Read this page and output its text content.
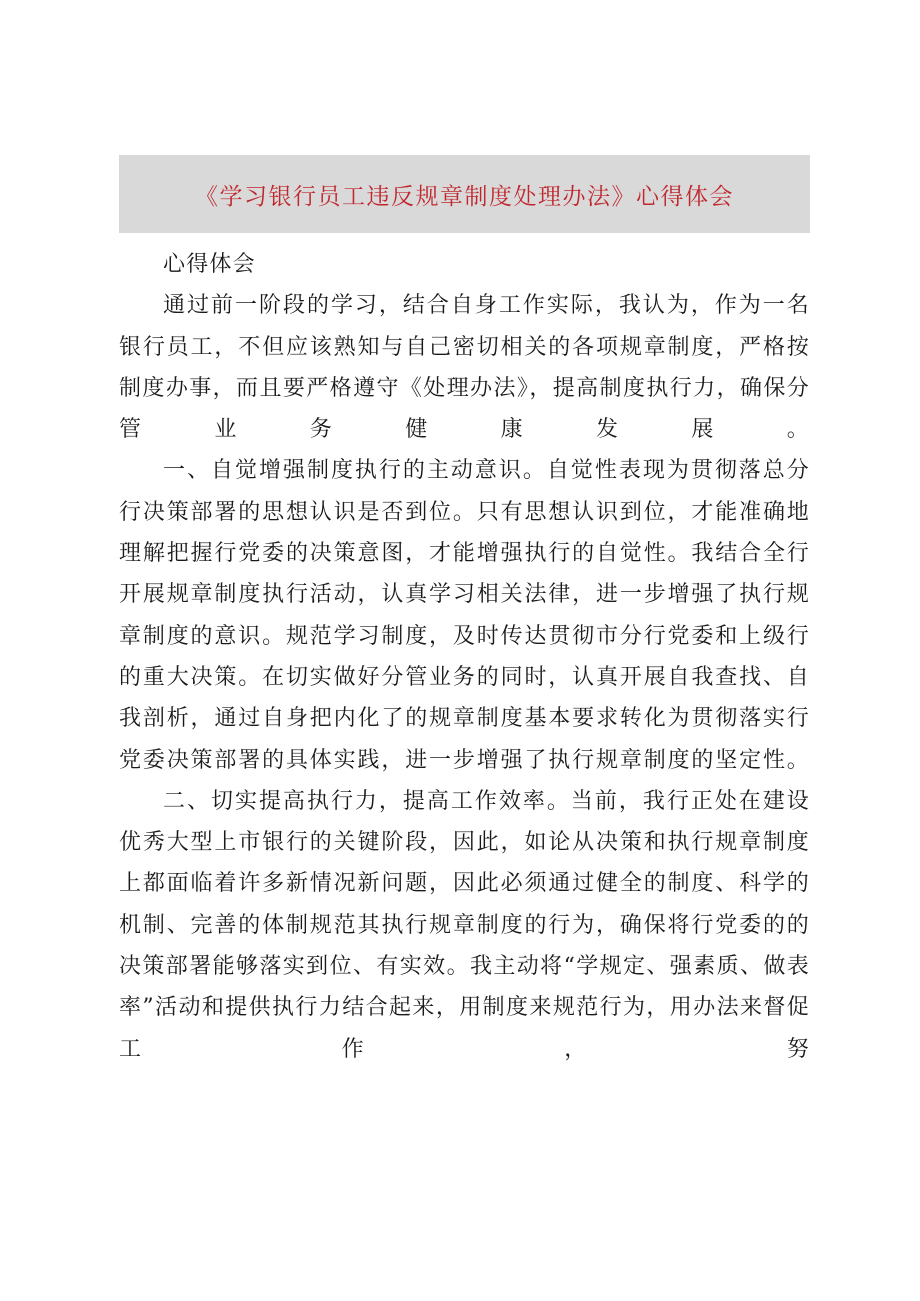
《学习银行员工违反规章制度处理办法》心得体会

心得体会

通过前一阶段的学习，结合自身工作实际，我认为，作为一名银行员工，不但应该熟知与自己密切相关的各项规章制度，严格按制度办事，而且要严格遵守《处理办法》，提高制度执行力，确保分管业务健康发展。

一、自觉增强制度执行的主动意识。自觉性表现为贯彻落总分行决策部署的思想认识是否到位。只有思想认识到位，才能准确地理解把握行党委的决策意图，才能增强执行的自觉性。我结合全行开展规章制度执行活动，认真学习相关法律，进一步增强了执行规章制度的意识。规范学习制度，及时传达贯彻市分行党委和上级行的重大决策。在切实做好分管业务的同时，认真开展自我查找、自我剖析，通过自身把内化了的规章制度基本要求转化为贯彻落实行党委决策部署的具体实践，进一步增强了执行规章制度的坚定性。

二、切实提高执行力，提高工作效率。当前，我行正处在建设优秀大型上市银行的关键阶段，因此，如论从决策和执行规章制度上都面临着许多新情况新问题，因此必须通过健全的制度、科学的机制、完善的体制规范其执行规章制度的行为，确保将行党委的的决策部署能够落实到位、有实效。我主动将“学规定、强素质、做表率”活动和提供执行力结合起来，用制度来规范行为，用办法来督促工作，努
